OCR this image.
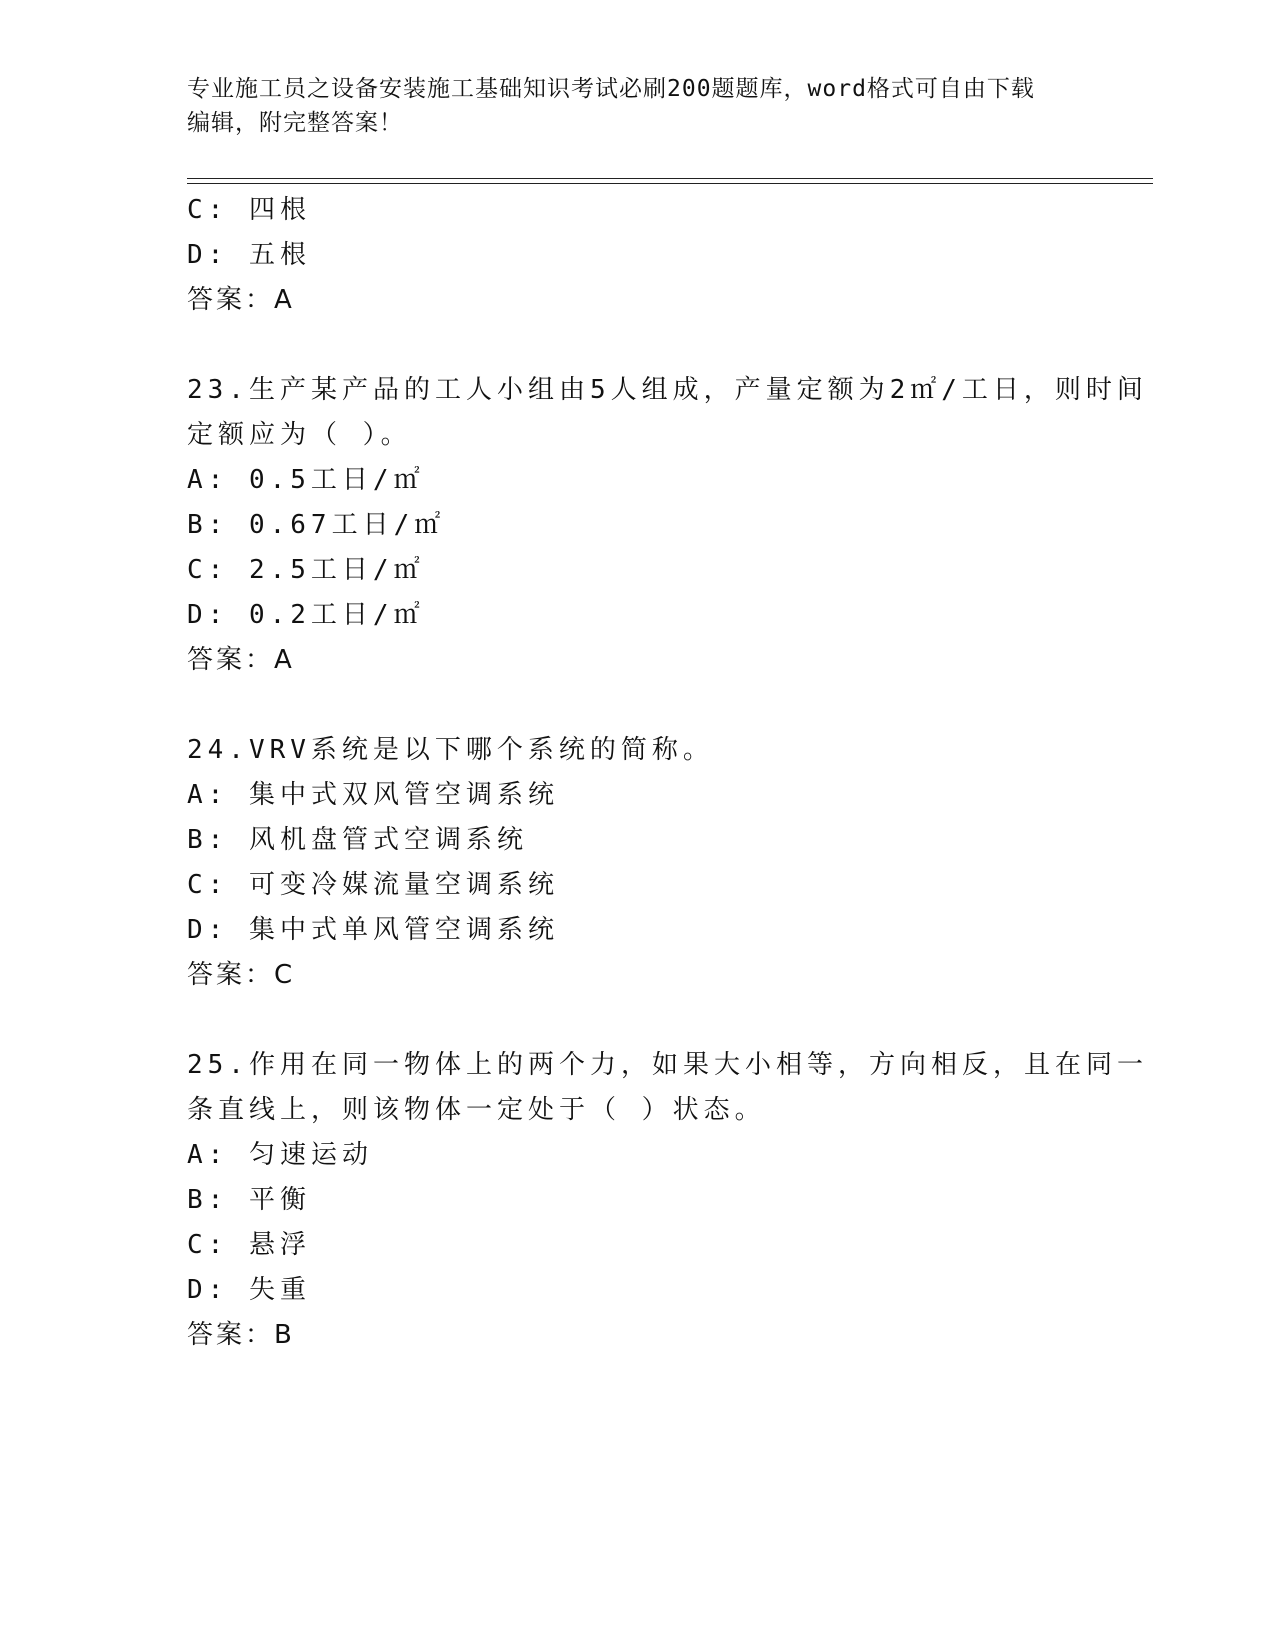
专业施工员之设备安装施工基础知识考试必刷200题题库，word格式可自由下载
编辑，附完整答案！
C: 四根
D: 五根
答案：A
23.生产某产品的工人小组由5人组成，产量定额为2㎡/工日，则时间
定额应为（ ）。
A: 0.5工日/㎡
B: 0.67工日/㎡
C: 2.5工日/㎡
D: 0.2工日/㎡
答案：A
24.VRV系统是以下哪个系统的简称。
A: 集中式双风管空调系统
B: 风机盘管式空调系统
C: 可变冷媒流量空调系统
D: 集中式单风管空调系统
答案：C
25.作用在同一物体上的两个力，如果大小相等，方向相反，且在同一
条直线上，则该物体一定处于（ ）状态。
A: 匀速运动
B: 平衡
C: 悬浮
D: 失重
答案：B
